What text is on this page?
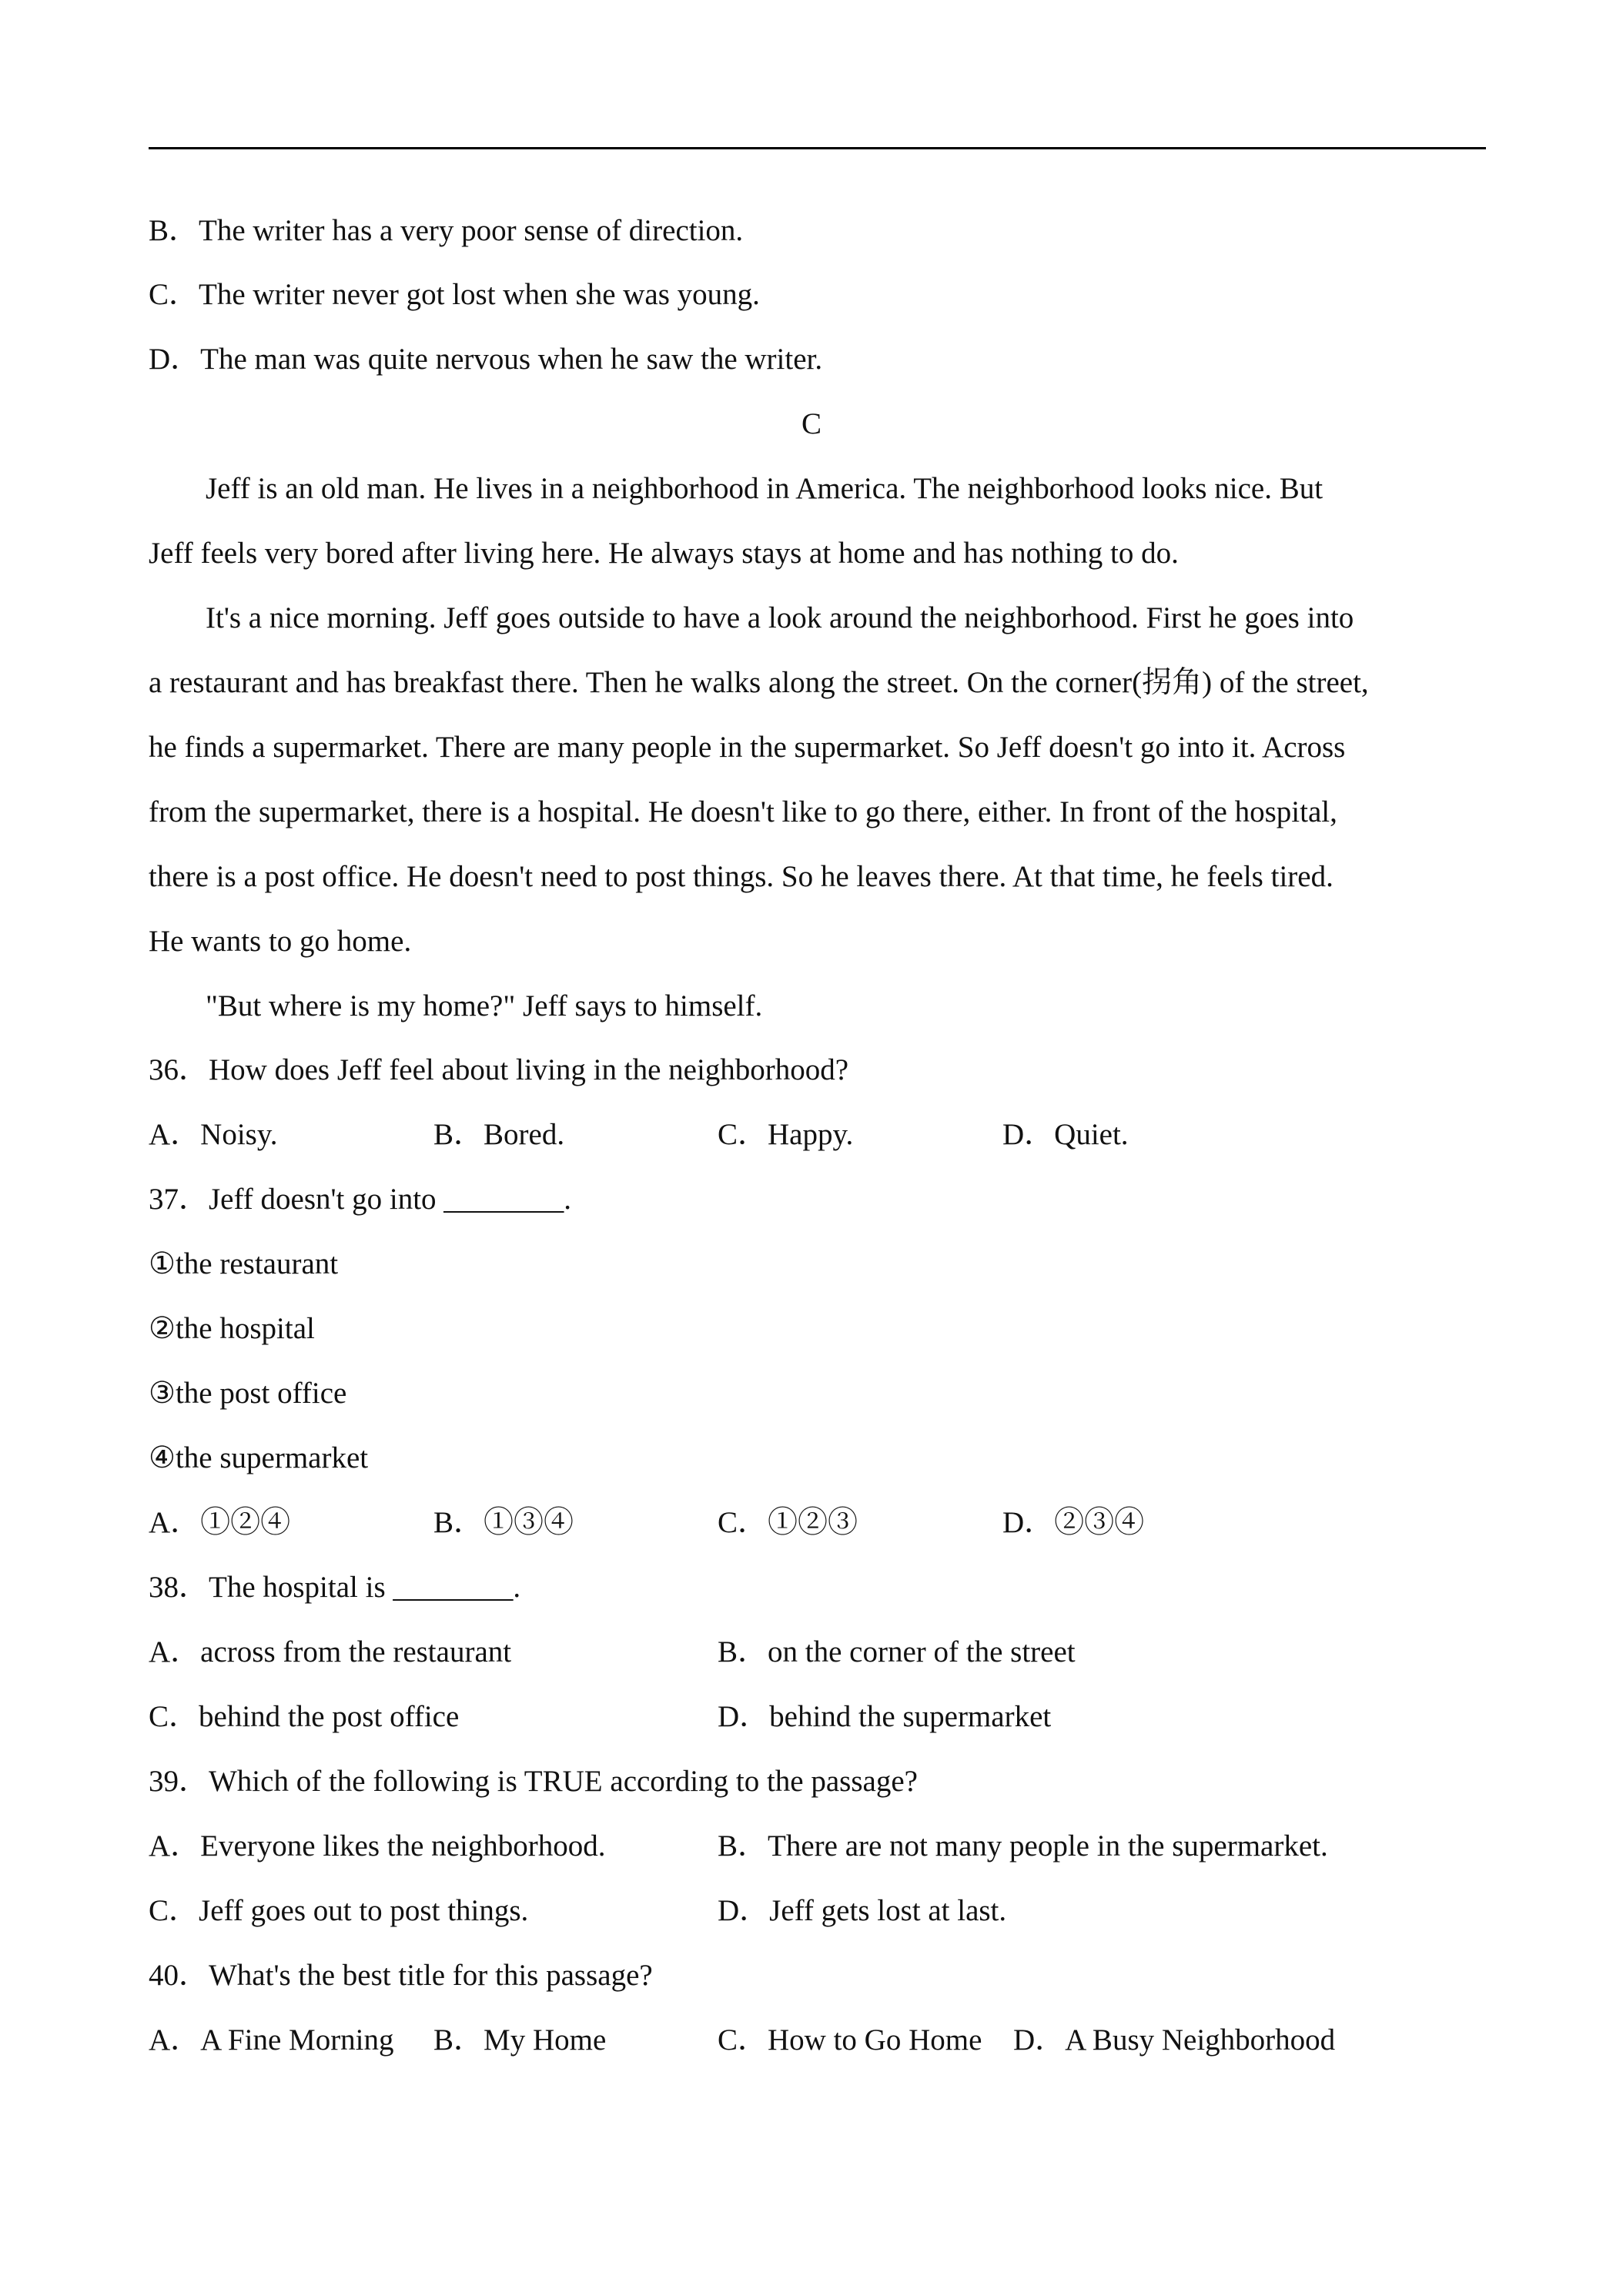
B．The writer has a very poor sense of direction.
C．The writer never got lost when she was young.
D．The man was quite nervous when he saw the writer.
C
Jeff is an old man. He lives in a neighborhood in America. The neighborhood looks nice. But
Jeff feels very bored after living here. He always stays at home and has nothing to do.
It's a nice morning. Jeff goes outside to have a look around the neighborhood. First he goes into
a restaurant and has breakfast there. Then he walks along the street. On the corner(拐角) of the street,
he finds a supermarket. There are many people in the supermarket. So Jeff doesn't go into it. Across
from the supermarket, there is a hospital. He doesn't like to go there, either. In front of the hospital,
there is a post office. He doesn't need to post things. So he leaves there. At that time, he feels tired.
He wants to go home.
"But where is my home?" Jeff says to himself.
36．How does Jeff feel about living in the neighborhood?
A．Noisy.	B．Bored.	C．Happy.	D．Quiet.
37．Jeff doesn't go into ________.
①the restaurant
②the hospital
③the post office
④the supermarket
A．①②④	B．①③④	C．①②③	D．②③④
38．The hospital is ________.
A．across from the restaurant	B．on the corner of the street
C．behind the post office	D．behind the supermarket
39．Which of the following is TRUE according to the passage?
A．Everyone likes the neighborhood.	B．There are not many people in the supermarket.
C．Jeff goes out to post things.	D．Jeff gets lost at last.
40．What's the best title for this passage?
A．A Fine Morning B．My Home	C．How to Go Home D．A Busy Neighborhood
